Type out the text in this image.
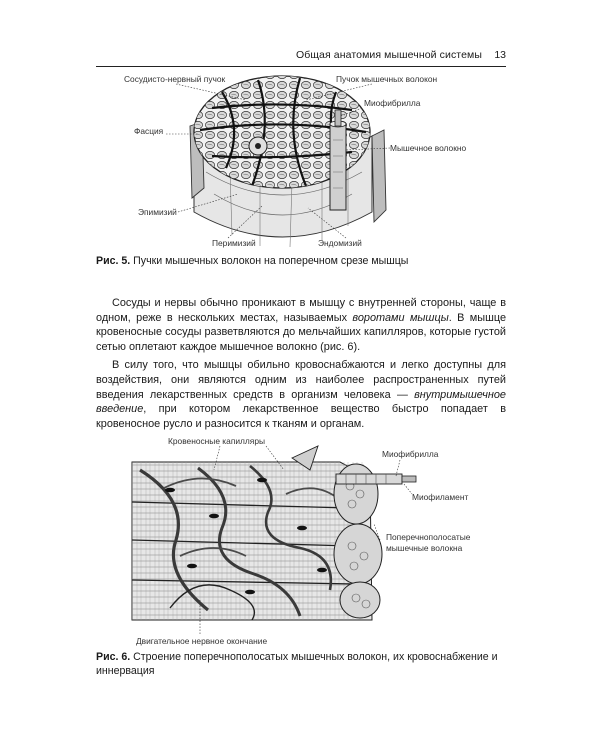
Общая анатомия мышечной системы 13
Сосудисто-нервный пучок	Пучок мышечных волокон
Миофибрилла
Фасция
Мышечное волокно
Эпимизий
Перимизий	Эндомизий
Рис. 5. Пучки мышечных волокон на поперечном срезе мышцы

Сосуды и нервы обычно проникают в мышцу с внутренней стороны, чаще в одном, реже в нескольких местах, называемых воротами мышцы. В мышце кровеносные сосуды разветвляются до мельчайших капилляров, которые густой сетью оплетают каждое мышечное волокно (рис. 6).

В силу того, что мышцы обильно кровоснабжаются и легко доступны для воздействия, они являются одним из наиболее распространенных путей введения лекарственных средств в организм человека — внутримышечное введение, при котором лекарственное вещество быстро попадает в кровеносное русло и разносится к тканям и органам.

Кровеносные капилляры
Миофибрилла
Миофиламент
Поперечнополосатые
мышечные волокна
Двигательное нервное окончание
Рис. 6. Строение поперечнополосатых мышечных волокон, их кровоснабжение и иннервация
